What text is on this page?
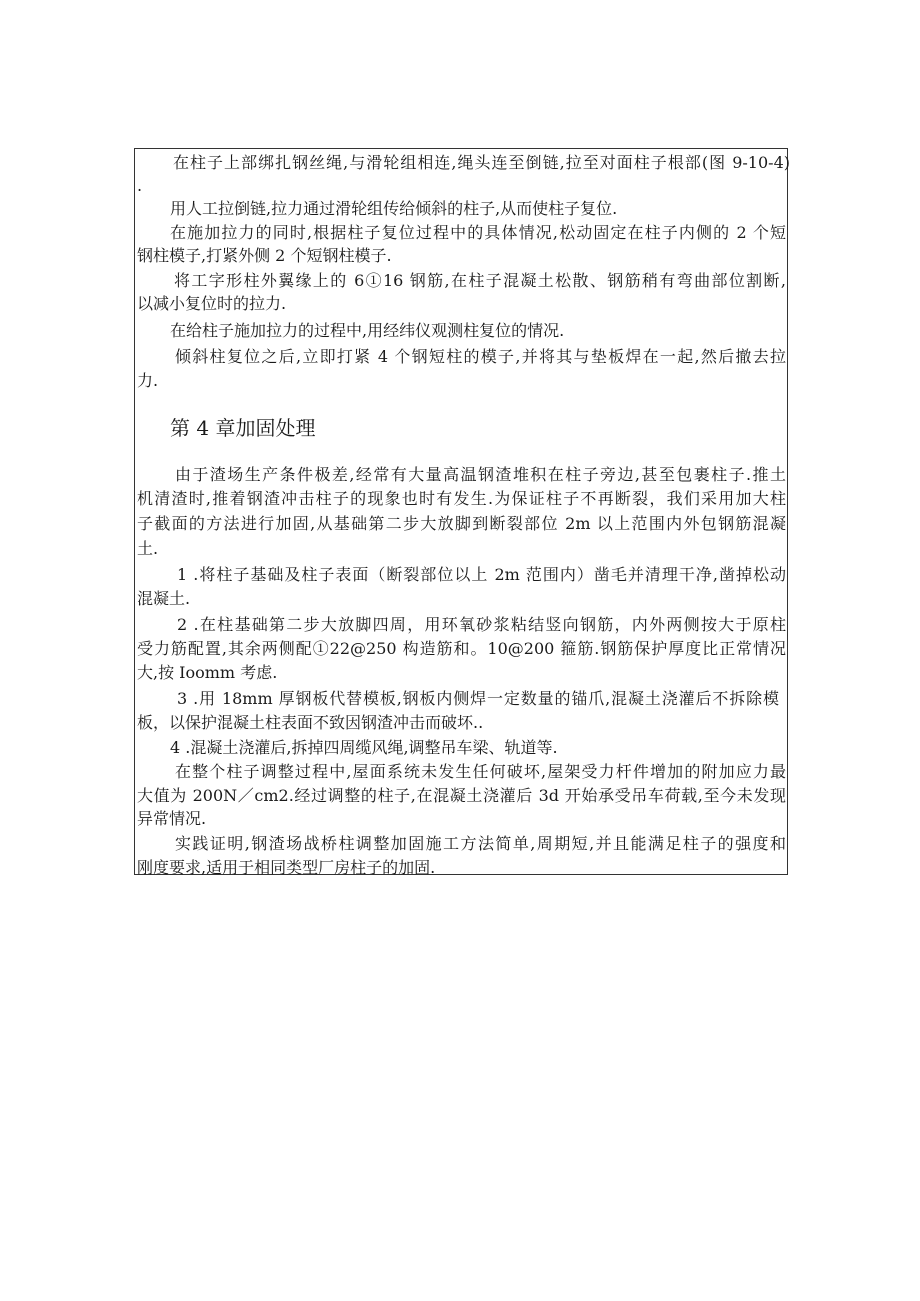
在柱子上部绑扎钢丝绳,与滑轮组相连,绳头连至倒链,拉至对面柱子根部(图 9-10-4)
.
用人工拉倒链,拉力通过滑轮组传给倾斜的柱子,从而使柱子复位.
在施加拉力的同时,根据柱子复位过程中的具体情况,松动固定在柱子内侧的 2 个短
钢柱模子,打紧外侧 2 个短钢柱模子.
将工字形柱外翼缘上的 6①16 钢筋,在柱子混凝土松散、钢筋稍有弯曲部位割断,
以减小复位时的拉力.
在给柱子施加拉力的过程中,用经纬仪观测柱复位的情况.
倾斜柱复位之后,立即打紧 4 个钢短柱的模子,并将其与垫板焊在一起,然后撤去拉
力.
第 4 章加固处理
由于渣场生产条件极差,经常有大量高温钢渣堆积在柱子旁边,甚至包裹柱子.推土
机清渣时,推着钢渣冲击柱子的现象也时有发生.为保证柱子不再断裂，我们采用加大柱
子截面的方法进行加固,从基础第二步大放脚到断裂部位 2m 以上范围内外包钢筋混凝
土.
1 .将柱子基础及柱子表面（断裂部位以上 2m 范围内）凿毛并清理干净,凿掉松动
混凝土.
2 .在柱基础第二步大放脚四周，用环氧砂浆粘结竖向钢筋，内外两侧按大于原柱
受力筋配置,其余两侧配①22@250 构造筋和。10@200 箍筋.钢筋保护厚度比正常情况
大,按 Ioomm 考虑.
3 .用 18mm 厚钢板代替模板,钢板内侧焊一定数量的锚爪,混凝土浇灌后不拆除模
板，以保护混凝土柱表面不致因钢渣冲击而破坏..
4 .混凝土浇灌后,拆掉四周缆风绳,调整吊车梁、轨道等.
在整个柱子调整过程中,屋面系统未发生任何破坏,屋架受力杆件增加的附加应力最
大值为 200N／cm2.经过调整的柱子,在混凝土浇灌后 3d 开始承受吊车荷载,至今未发现
异常情况.
实践证明,钢渣场战桥柱调整加固施工方法简单,周期短,并且能满足柱子的强度和
刚度要求,适用于相同类型厂房柱子的加固.
